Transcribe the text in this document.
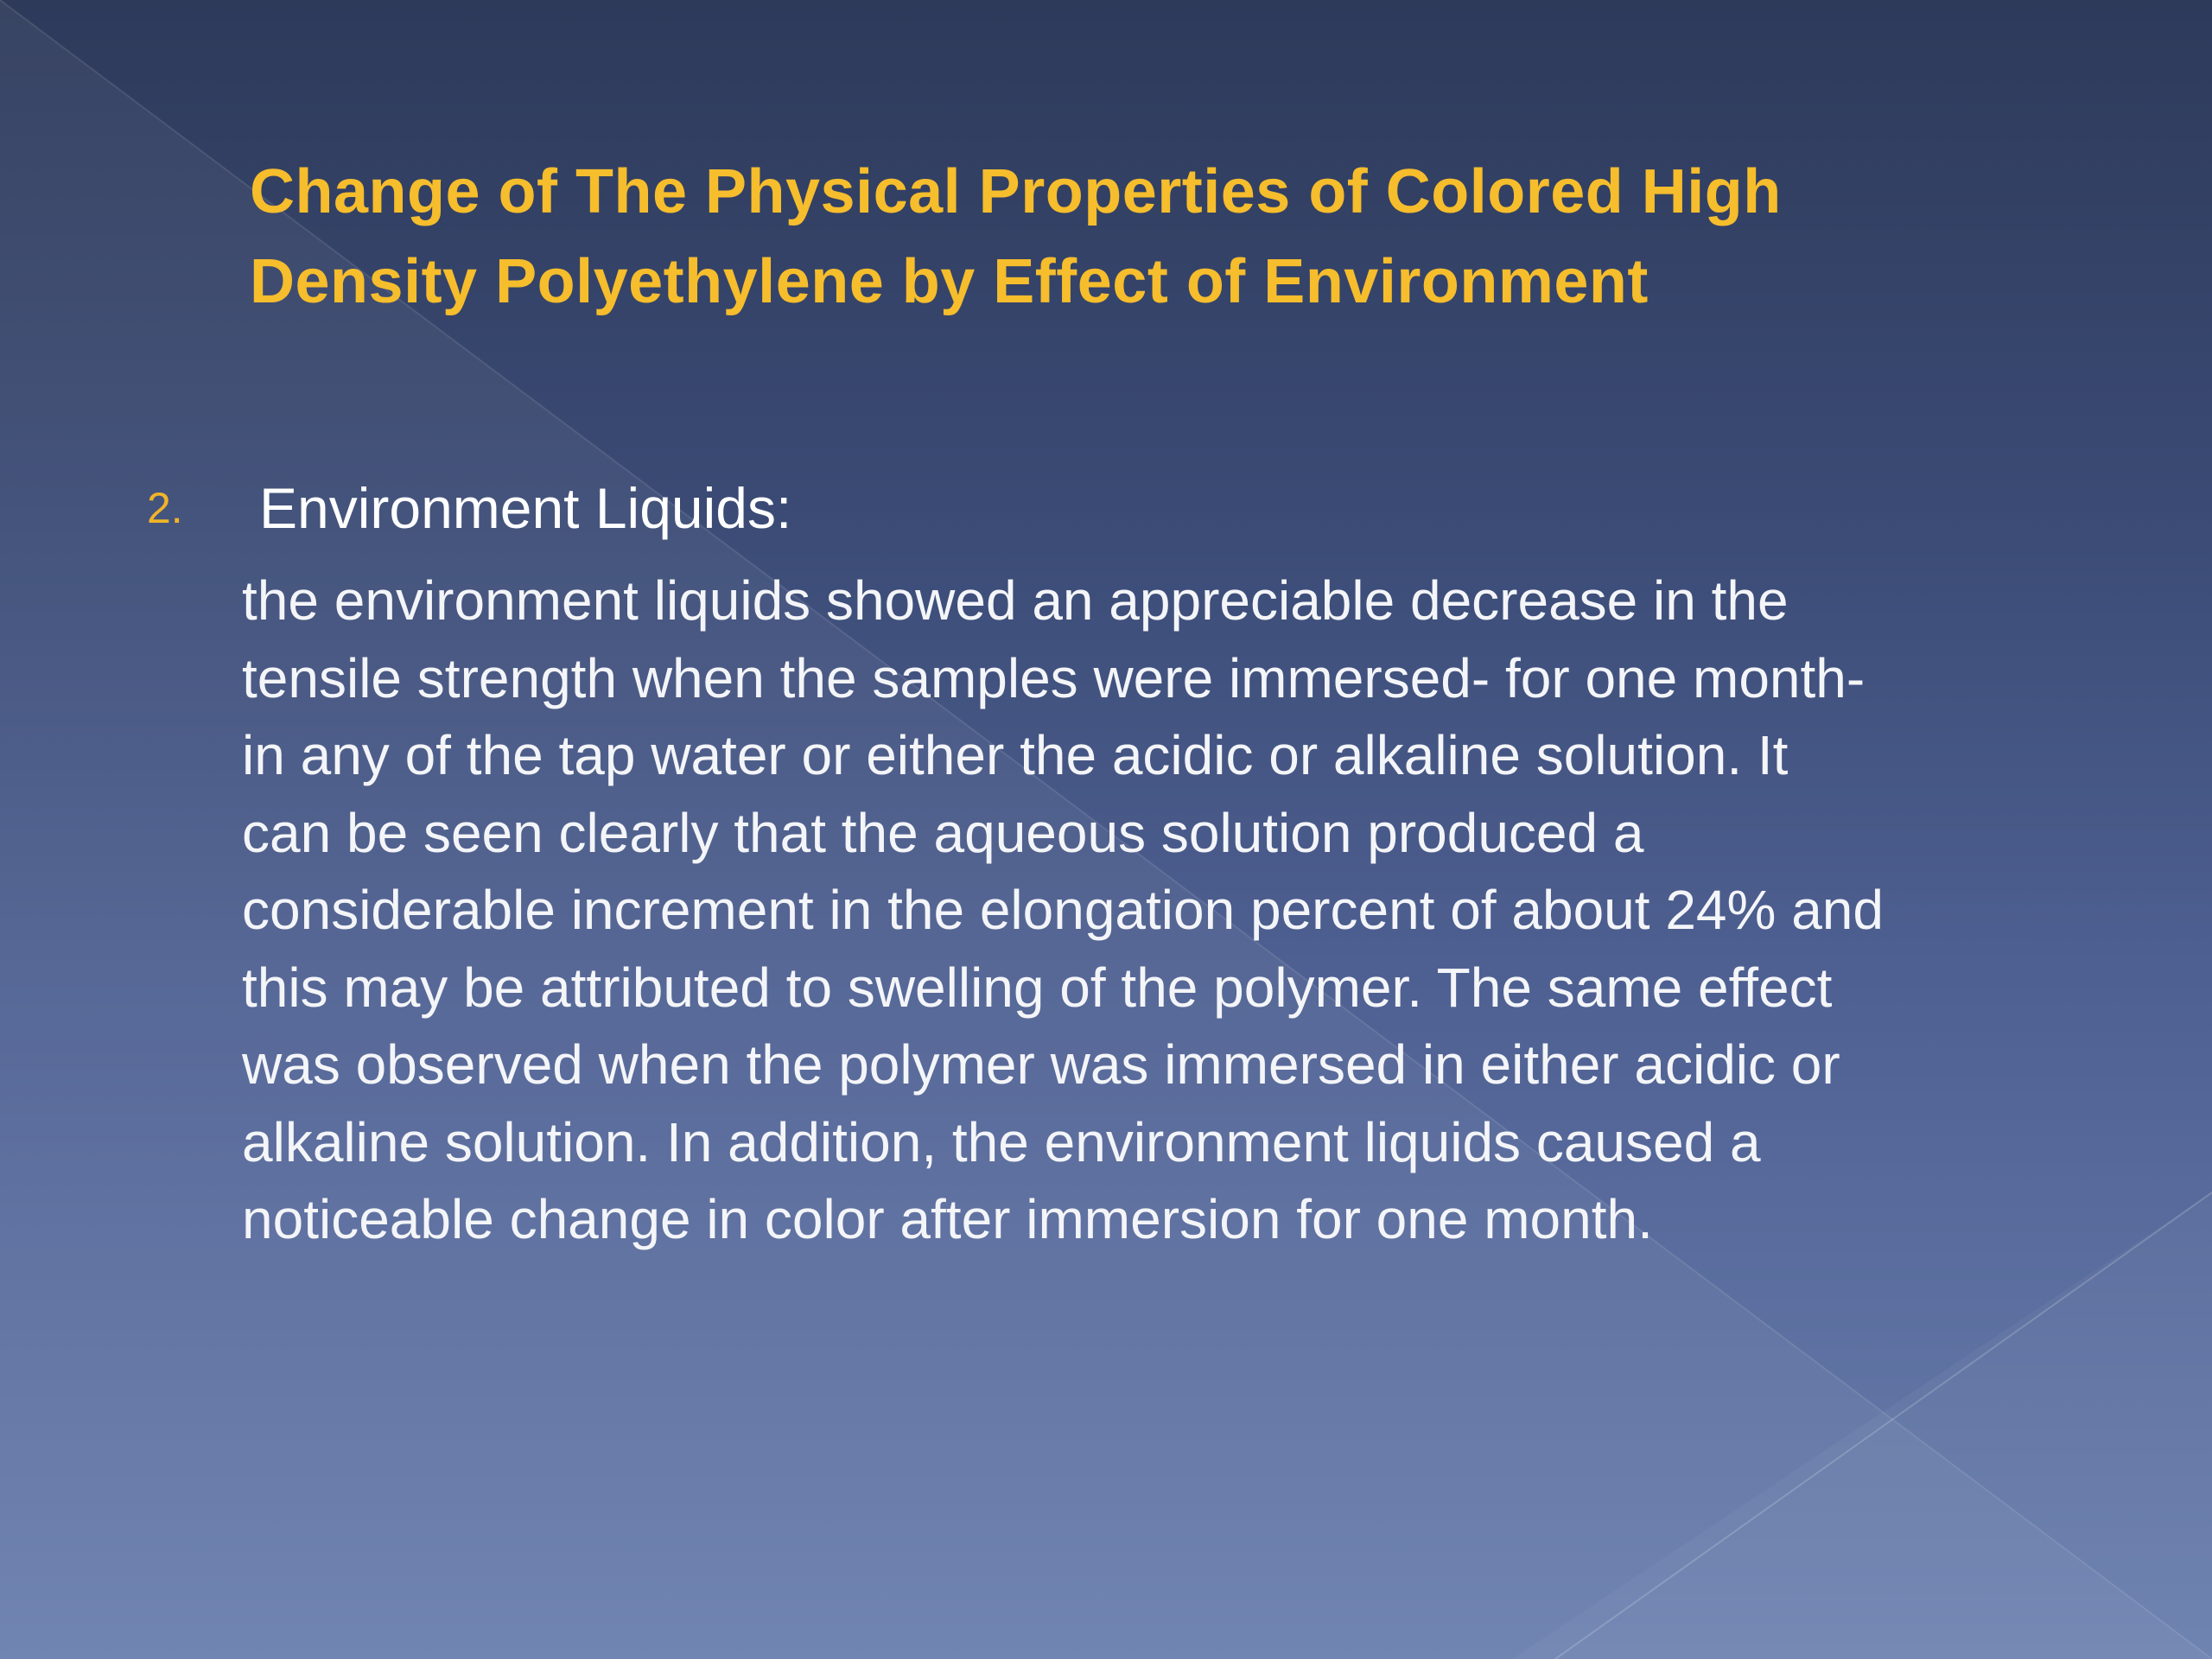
Change of The Physical Properties of Colored High
Density Polyethylene by Effect of Environment
2.	Environment Liquids:

the environment liquids showed an appreciable decrease in the
tensile strength when the samples were immersed- for one month-
in any of the tap water or either the acidic or alkaline solution. It
can be seen clearly that the aqueous solution produced a
considerable increment in the elongation percent of about 24% and
this may be attributed to swelling of the polymer. The same effect
was observed when the polymer was immersed in either acidic or
alkaline solution. In addition, the environment liquids caused a
noticeable change in color after immersion for one month.
